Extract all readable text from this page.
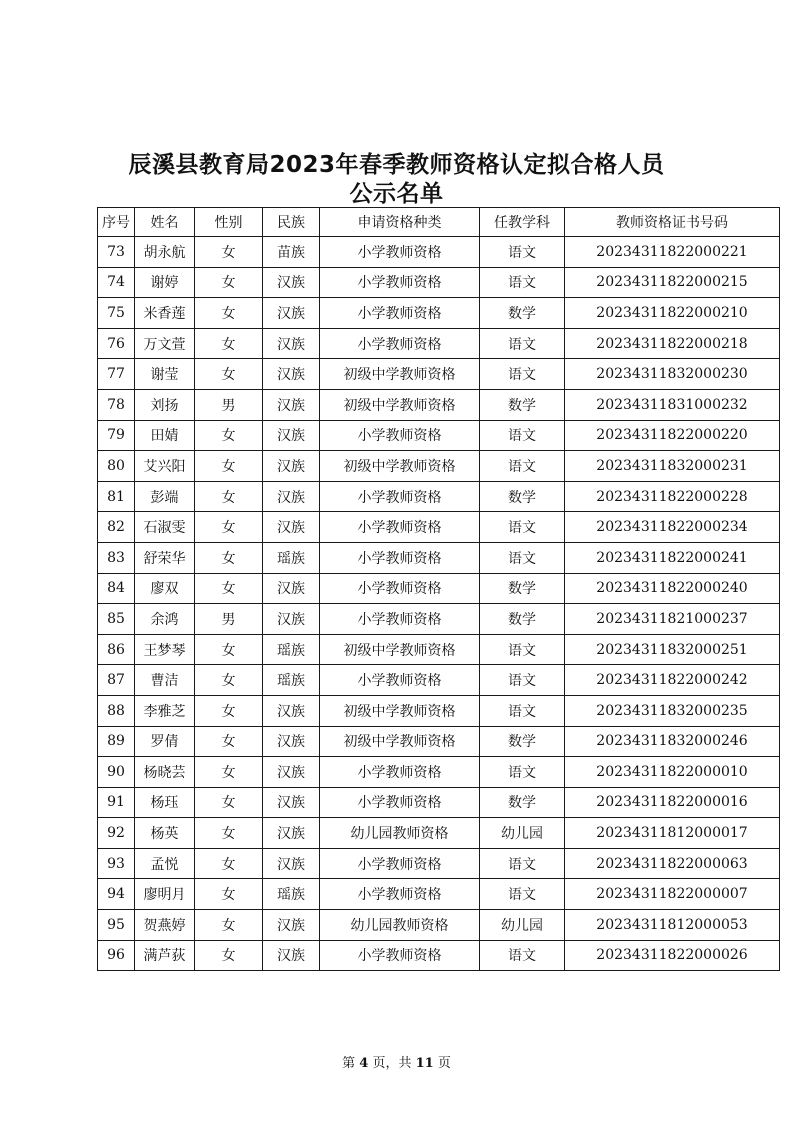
辰溪县教育局2023年春季教师资格认定拟合格人员
公示名单
序号	姓名	性别	民族	申请资格种类	任教学科	教师资格证书号码
73	胡永航	女	苗族	小学教师资格	语文	20234311822000221
74	谢婷	女	汉族	小学教师资格	语文	20234311822000215
75	米香莲	女	汉族	小学教师资格	数学	20234311822000210
76	万文萱	女	汉族	小学教师资格	语文	20234311822000218
77	谢莹	女	汉族	初级中学教师资格	语文	20234311832000230
78	刘扬	男	汉族	初级中学教师资格	数学	20234311831000232
79	田婧	女	汉族	小学教师资格	语文	20234311822000220
80	艾兴阳	女	汉族	初级中学教师资格	语文	20234311832000231
81	彭端	女	汉族	小学教师资格	数学	20234311822000228
82	石淑雯	女	汉族	小学教师资格	语文	20234311822000234
83	舒荣华	女	瑶族	小学教师资格	语文	20234311822000241
84	廖双	女	汉族	小学教师资格	数学	20234311822000240
85	余鸿	男	汉族	小学教师资格	数学	20234311821000237
86	王梦琴	女	瑶族	初级中学教师资格	语文	20234311832000251
87	曹洁	女	瑶族	小学教师资格	语文	20234311822000242
88	李雅芝	女	汉族	初级中学教师资格	语文	20234311832000235
89	罗倩	女	汉族	初级中学教师资格	数学	20234311832000246
90	杨晓芸	女	汉族	小学教师资格	语文	20234311822000010
91	杨珏	女	汉族	小学教师资格	数学	20234311822000016
92	杨英	女	汉族	幼儿园教师资格	幼儿园	20234311812000017
93	孟悦	女	汉族	小学教师资格	语文	20234311822000063
94	廖明月	女	瑶族	小学教师资格	语文	20234311822000007
95	贺燕婷	女	汉族	幼儿园教师资格	幼儿园	20234311812000053
96	满芦荻	女	汉族	小学教师资格	语文	20234311822000026
第 4 页，共 11 页
